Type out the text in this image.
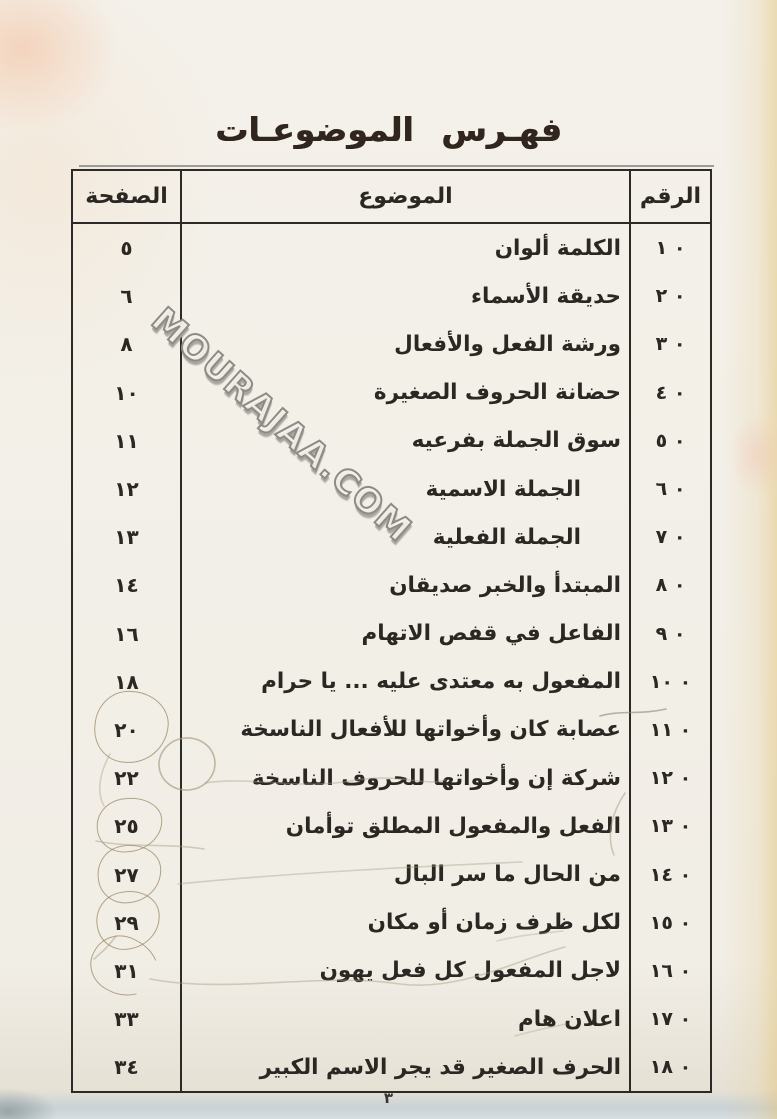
فهـرس الموضوعـات
الرقم	الموضوع	الصفحة
٠ ١	الكلمة ألوان	٥
٠ ٢	حديقة الأسماء	٦
٠ ٣	ورشة الفعل والأفعال	٨
٠ ٤	حضانة الحروف الصغيرة	١٠
٠ ٥	سوق الجملة بفرعيه	١١
٠ ٦	الجملة الاسمية	١٢
٠ ٧	الجملة الفعلية	١٣
٠ ٨	المبتدأ والخبر صديقان	١٤
٠ ٩	الفاعل في قفص الاتهام	١٦
٠ ١٠	المفعول به معتدى عليه ... يا حرام	١٨
٠ ١١	عصابة كان وأخواتها للأفعال الناسخة	٢٠

٠ ١٢	شركة إن وأخواتها للحروف الناسخة	٢٢
٠ ١٣	الفعل والمفعول المطلق توأمان	٢٥

٠ ١٤	من الحال ما سر البال	٢٧

٠ ١٥	لكل ظرف زمان أو مكان	٢٩

٠ ١٦	لاجل المفعول كل فعل يهون	٣١

٠ ١٧	اعلان هام	٣٣
٠ ١٨	الحرف الصغير قد يجر الاسم الكبير	٣٤
MOURAJAA.COM
٣
